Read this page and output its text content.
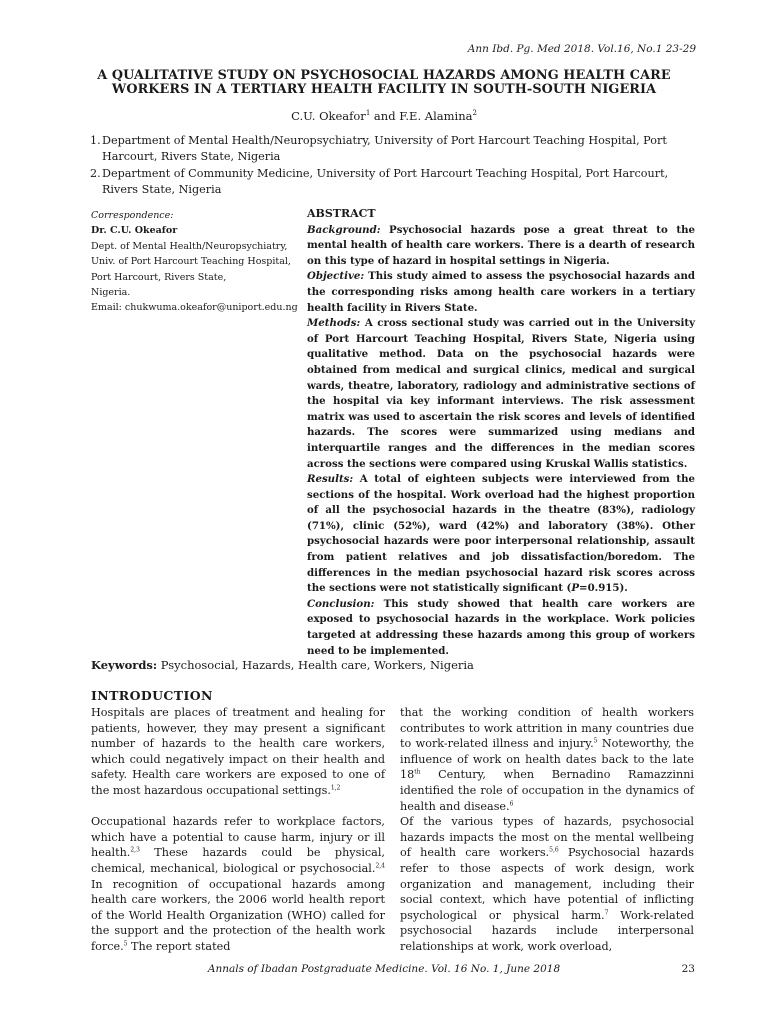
Ann Ibd. Pg. Med 2018. Vol.16, No.1 23-29
A QUALITATIVE STUDY ON PSYCHOSOCIAL HAZARDS AMONG HEALTH CARE WORKERS IN A TERTIARY HEALTH FACILITY IN SOUTH-SOUTH NIGERIA
C.U. Okeafor$^1$ and F.E. Alamina$^2$
1. Department of Mental Health/Neuropsychiatry, University of Port Harcourt Teaching Hospital, Port Harcourt, Rivers State, Nigeria
2. Department of Community Medicine, University of Port Harcourt Teaching Hospital, Port Harcourt, Rivers State, Nigeria
Correspondence:
Dr. C.U. Okeafor
Dept. of Mental Health/Neuropsychiatry,
Univ. of Port Harcourt Teaching Hospital,
Port Harcourt, Rivers State,
Nigeria.
Email: chukwuma.okeafor@uniport.edu.ng
ABSTRACT

Background: Psychosocial hazards pose a great threat to the mental health of health care workers. There is a dearth of research on this type of hazard in hospital settings in Nigeria.

Objective: This study aimed to assess the psychosocial hazards and the corresponding risks among health care workers in a tertiary health facility in Rivers State.

Methods: A cross sectional study was carried out in the University of Port Harcourt Teaching Hospital, Rivers State, Nigeria using qualitative method. Data on the psychosocial hazards were obtained from medical and surgical clinics, medical and surgical wards, theatre, laboratory, radiology and administrative sections of the hospital via key informant interviews. The risk assessment matrix was used to ascertain the risk scores and levels of identified hazards. The scores were summarized using medians and interquartile ranges and the differences in the median scores across the sections were compared using Kruskal Wallis statistics.

Results: A total of eighteen subjects were interviewed from the sections of the hospital. Work overload had the highest proportion of all the psychosocial hazards in the theatre (83%), radiology (71%), clinic (52%), ward (42%) and laboratory (38%). Other psychosocial hazards were poor interpersonal relationship, assault from patient relatives and job dissatisfaction/boredom. The differences in the median psychosocial hazard risk scores across the sections were not statistically significant (P=0.915).

Conclusion: This study showed that health care workers are exposed to psychosocial hazards in the workplace. Work policies targeted at addressing these hazards among this group of workers need to be implemented.

Keywords: Psychosocial, Hazards, Health care, Workers, Nigeria
INTRODUCTION

Hospitals are places of treatment and healing for patients, however, they may present a significant number of hazards to the health care workers, which could negatively impact on their health and safety. Health care workers are exposed to one of the most hazardous occupational settings.$^{1,2}$

Occupational hazards refer to workplace factors, which have a potential to cause harm, injury or ill health.$^{2,3}$ These hazards could be physical, chemical, mechanical, biological or psychosocial.$^{2,4}$ In recognition of occupational hazards among health care workers, the 2006 world health report of the World Health Organization (WHO) called for the support and the protection of the health work force.$^5$ The report stated

that the working condition of health workers contributes to work attrition in many countries due to work-related illness and injury.$^5$ Noteworthy, the influence of work on health dates back to the late 18th Century, when Bernadino Ramazzinni identified the role of occupation in the dynamics of health and disease.$^6$

Of the various types of hazards, psychosocial hazards impacts the most on the mental wellbeing of health care workers.$^{5,6}$ Psychosocial hazards refer to those aspects of work design, work organization and management, including their social context, which have potential of inflicting psychological or physical harm.$^7$ Work-related psychosocial hazards include interpersonal relationships at work, work overload,

Annals of Ibadan Postgraduate Medicine. Vol. 16 No. 1, June 2018	23
